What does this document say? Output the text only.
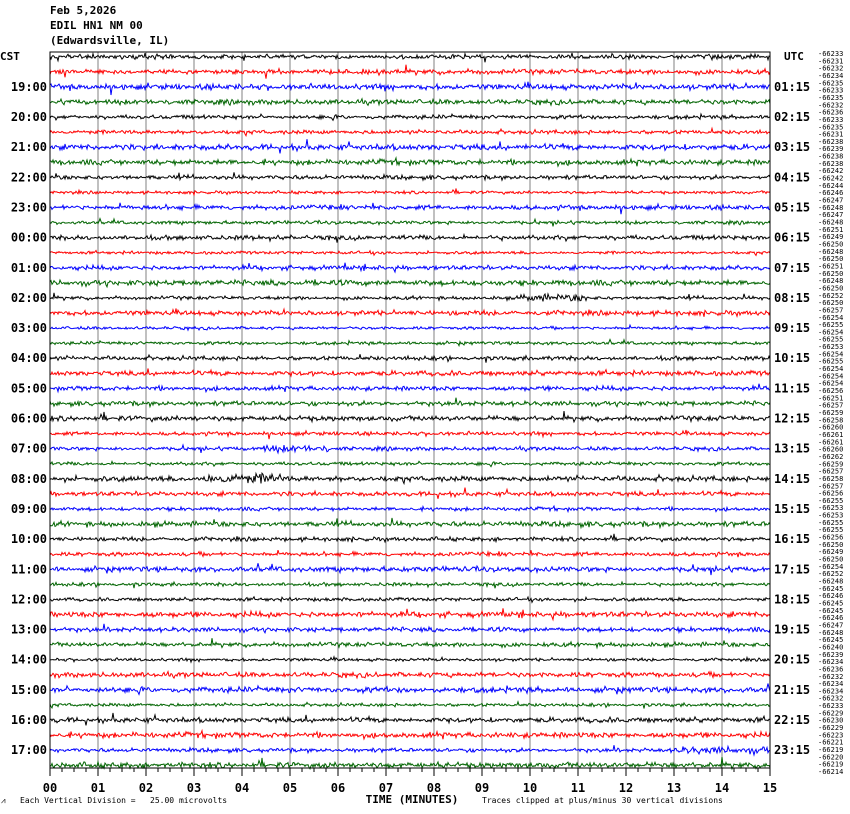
Feb 5,2026
EDIL HN1 NM 00
(Edwardsville, IL)
00	01	02	03	04	05	06	07	08	09	10	11	12	13	14	15
19:00
20:00
21:00
22:00
23:00
00:00
01:00
02:00
03:00
04:00
05:00
06:00
07:00
08:00
09:00
10:00
11:00
12:00
13:00
14:00
15:00
16:00
17:00
01:15
02:15
03:15
04:15
05:15
06:15
07:15
08:15
09:15
10:15
11:15
12:15
13:15
14:15
15:15
16:15
17:15
18:15
19:15
20:15
21:15
22:15
23:15
-66233
-66231
-66232
-66234
-66235
-66233
-66235
-66232
-66236
-66233
-66235
-66231
-66238
-66239
-66238
-66238
-66242
-66242
-66244
-66246
-66247
-66248
-66247
-66248
-66251
-66249
-66250
-66248
-66250
-66251
-66250
-66248
-66250
-66252
-66250
-66257
-66254
-66255
-66254
-66255
-66253
-66254
-66255
-66254
-66254
-66254
-66256
-66251
-66257
-66259
-66258
-66260
-66261
-66261
-66260
-66262
-66259
-66257
-66258
-66257
-66256
-66255
-66253
-66253
-66255
-66255
-66256
-66250
-66249
-66250
-66254
-66252
-66248
-66245
-66246
-66245
-66245
-66246
-66247
-66248
-66245
-66240
-66239
-66234
-66236
-66232
-66234
-66234
-66232
-66233
-66229
-66230
-66229
-66223
-66221
-66219
-66220
-66219
-66214
CST	UTC
TIME (MINUTES)
⩘ Each Vertical Division =   25.00 microvolts	Traces clipped at plus/minus 30 vertical divisions
